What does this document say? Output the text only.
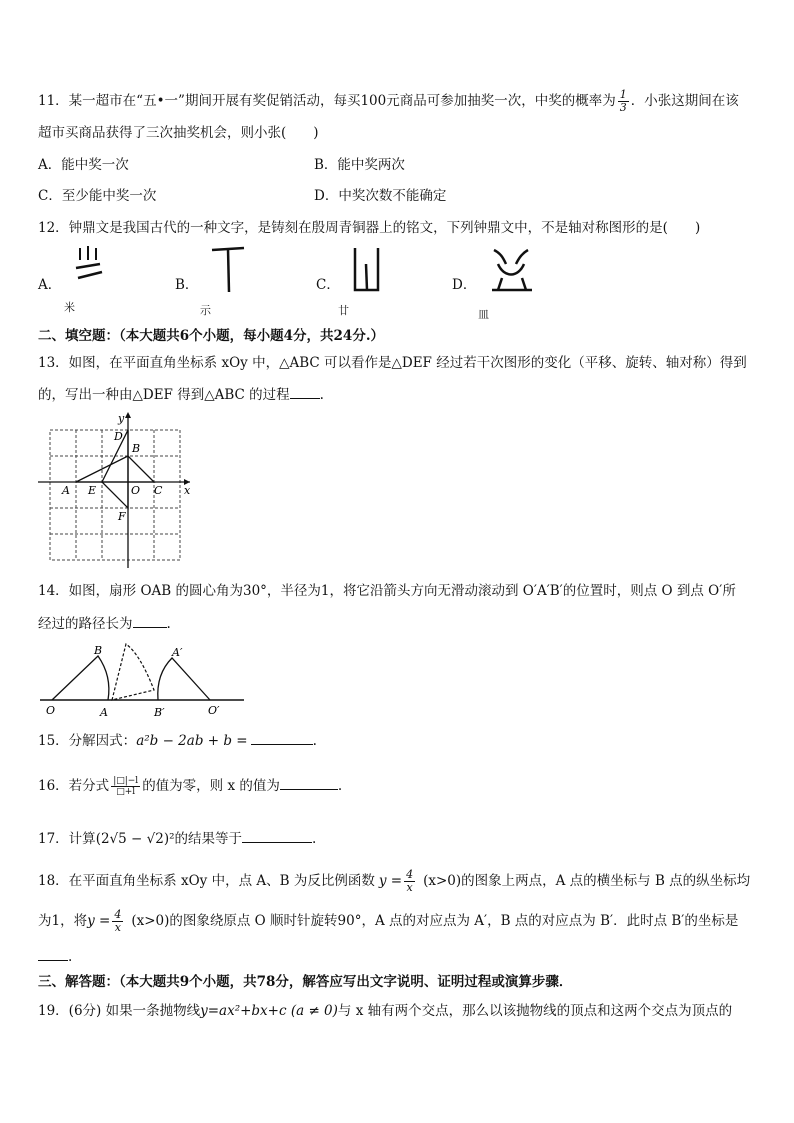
11．某一超市在“五•一”期间开展有奖促销活动，每买100元商品可参加抽奖一次，中奖的概率为 $\frac{1}{3}$ ．小张这期间在该
超市买商品获得了三次抽奖机会，则小张(　　)
A．能中奖一次	B．能中奖两次
C．至少能中奖一次	D．中奖次数不能确定
12．钟鼎文是我国古代的一种文字，是铸刻在殷周青铜器上的铭文，下列钟鼎文中，不是轴对称图形的是(　　)
A．
米
B．
示
C．
廿
D．
皿
二、填空题：（本大题共6个小题，每小题4分，共24分.）
13．如图，在平面直角坐标系 xOy 中，△ABC 可以看作是△DEF 经过若干次图形的变化（平移、旋转、轴对称）得到
的，写出一种由△DEF 得到△ABC 的过程 .
y
x
D
B
A E	O C
F
14．如图，扇形 OAB 的圆心角为30°，半径为1，将它沿箭头方向无滑动滚动到 O′A′B′的位置时，则点 O 到点 O′所
经过的路径长为	.
B	A′
O	A	B′	O′
15．分解因式：a²b − 2ab + b =	.
16．若分式 $\frac{|□|-l}{□+l}$ 的值为零，则 x 的值为	.
17．计算(2√5 − √2)²的结果等于	.
18．在平面直角坐标系 xOy 中，点 A、B 为反比例函数 $y = \frac{4}{x} (x>0)$的图象上两点，A 点的横坐标与 B 点的纵坐标均
为1，将$y = \frac{4}{x} (x>0)$的图象绕原点 O 顺时针旋转90°，A 点的对应点为 A′，B 点的对应点为 B′．此时点 B′的坐标是
.
三、解答题：（本大题共9个小题，共78分，解答应写出文字说明、证明过程或演算步骤．
19．(6分) 如果一条抛物线y=ax²+bx+c (a ≠ 0)与 x 轴有两个交点，那么以该抛物线的顶点和这两个交点为顶点的
